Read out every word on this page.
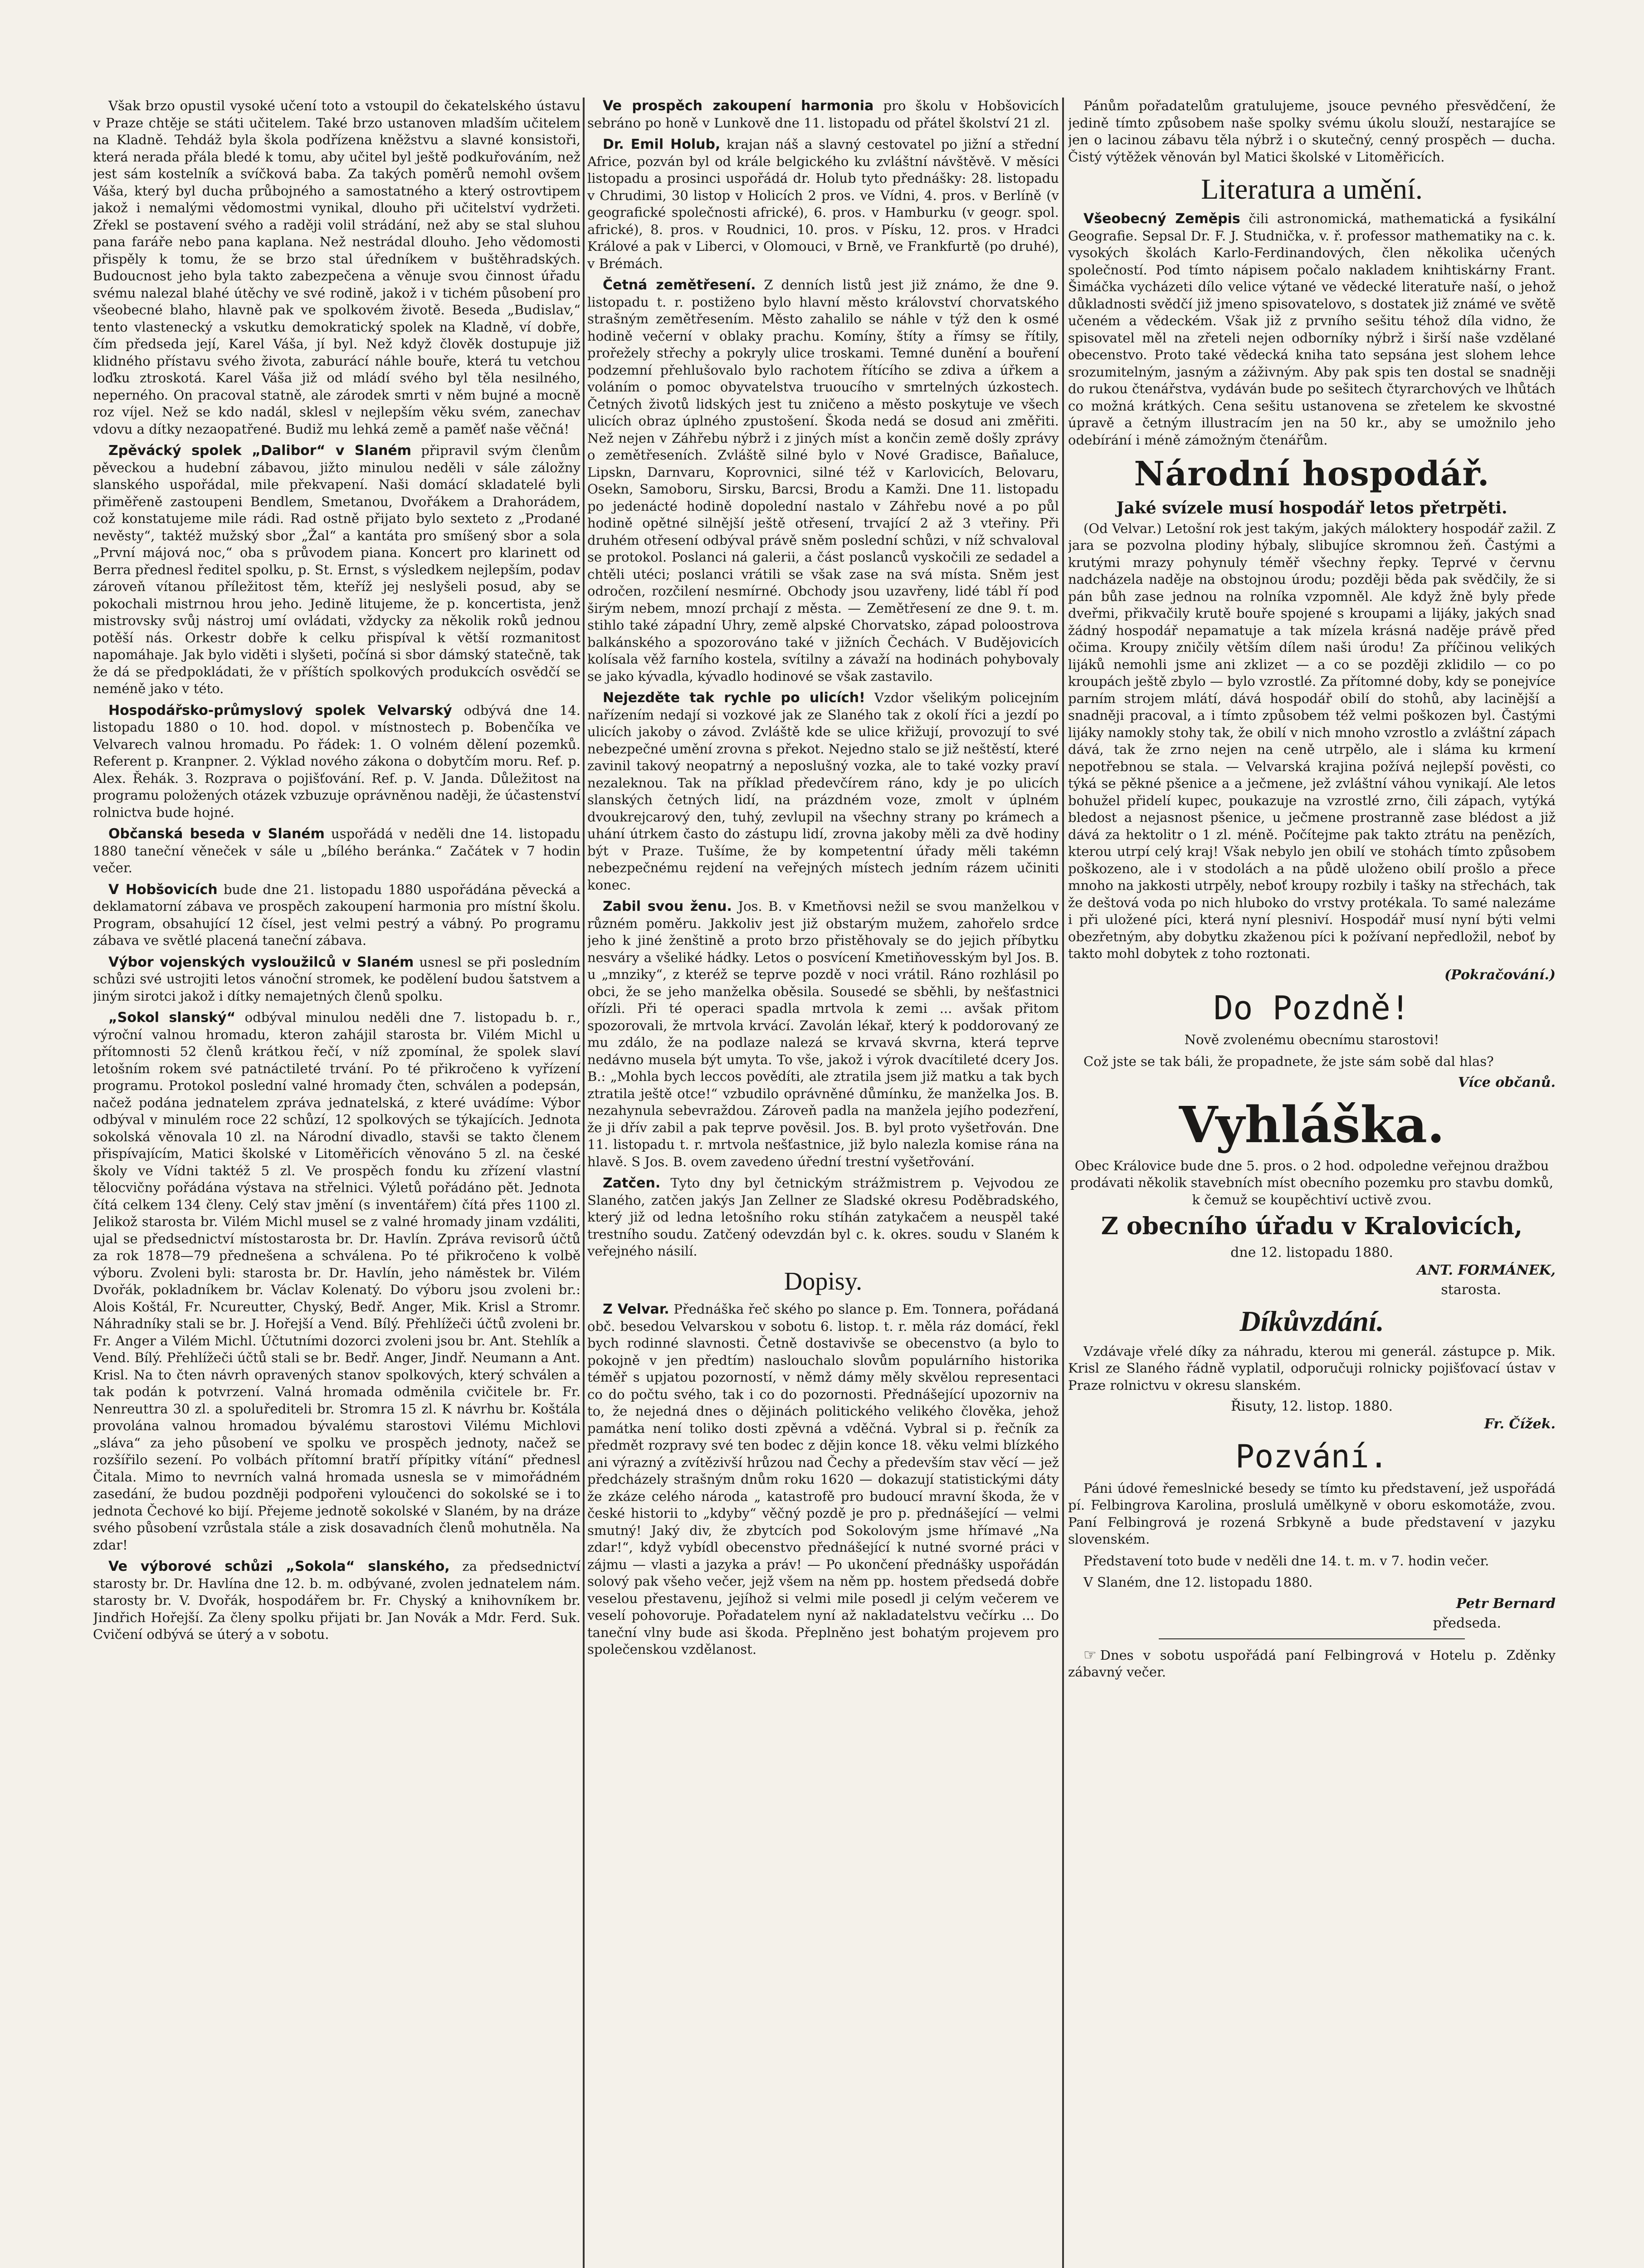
Však brzo opustil vysoké učení toto a vstoupil do čekatelského ústavu v Praze chtěje se státi učitelem. Také brzo ustanoven mladším učitelem na Kladně. Tehdáž byla škola podřízena kněžstvu a slavné konsistoři, která nerada přála bledé k tomu, aby učitel byl ještě podkuřováním, než jest sám kostelník a svíčková baba. Za takých poměrů nemohl ovšem Váša, který byl ducha průbojného a samostatného a který ostrovtipem jakož i nemalými vědomostmi vynikal, dlouho při učitelství vydržeti. Zřekl se postavení svého a raději volil strádání, než aby se stal sluhou pana faráře nebo pana kaplana. Než nestrádal dlouho. Jeho vědomosti přispěly k tomu, že se brzo stal úředníkem v buštěhradských. Budoucnost jeho byla takto zabezpečena a věnuje svou činnost úřadu svému nalezal blahé útěchy ve své rodině, jakož i v tichém působení pro všeobecné blaho, hlavně pak ve spolkovém životě. Beseda „Budislav,“ tento vlastenecký a vskutku demokratický spolek na Kladně, ví dobře, čím předseda její, Karel Váša, jí byl. Než když člověk dostupuje již klidného přístavu svého života, zaburácí náhle bouře, která tu vetchou loďku ztroskotá. Karel Váša již od mládí svého byl těla nesilného, neperného. On pracoval statně, ale zárodek smrti v něm bujné a mocně roz víjel. Než se kdo nadál, sklesl v nejlepším věku svém, zanechav vdovu a dítky nezaopatřené. Budiž mu lehká země a paměť naše věčná!

Zpěvácký spolek „Dalibor“ v Slaném připravil svým členům pěveckou a hudební zábavou, jižto minulou neděli v sále záložny slanského uspořádal, mile překvapení. Naši domácí skladatelé byli přiměřeně zastoupeni Bendlem, Smetanou, Dvořákem a Drahorádem, což konstatujeme mile rádi. Rad ostně přijato bylo sexteto z „Prodané nevěsty“, taktéž mužský sbor „Žal“ a kantáta pro smíšený sbor a sola „První májová noc,“ oba s průvodem piana. Koncert pro klarinett od Berra přednesl ředitel spolku, p. St. Ernst, s výsledkem nejlepším, podav zároveň vítanou příležitost těm, kteříž jej neslyšeli posud, aby se pokochali mistrnou hrou jeho. Jedině litujeme, že p. koncertista, jenž mistrovsky svůj nástroj umí ovládati, vždycky za několik roků jednou potěší nás. Orkestr dobře k celku přispíval k větší rozmanitost napomáhaje. Jak bylo viděti i slyšeti, počíná si sbor dámský statečně, tak že dá se předpokládati, že v příštích spolkových produkcích osvědčí se neméně jako v této.

Hospodářsko-průmyslový spolek Velvarský odbývá dne 14. listopadu 1880 o 10. hod. dopol. v místnostech p. Bobenčíka ve Velvarech valnou hromadu. Po řádek: 1. O volném dělení pozemků. Referent p. Kranpner. 2. Výklad nového zákona o dobytčím moru. Ref. p. Alex. Řehák. 3. Rozprava o pojišťování. Ref. p. V. Janda. Důležitost na programu položených otázek vzbuzuje oprávněnou naději, že účastenství rolnictva bude hojné.

Občanská beseda v Slaném uspořádá v neděli dne 14. listopadu 1880 taneční věneček v sále u „bílého beránka.“ Začátek v 7 hodin večer.

V Hobšovicích bude dne 21. listopadu 1880 uspořádána pěvecká a deklamatorní zábava ve prospěch zakoupení harmonia pro místní školu. Program, obsahující 12 čísel, jest velmi pestrý a vábný. Po programu zábava ve světlé placená taneční zábava.

Výbor vojenských vysloužilců v Slaném usnesl se při posledním schůzi své ustrojiti letos vánoční stromek, ke podělení budou šatstvem a jiným sirotci jakož i dítky nemajetných členů spolku.

„Sokol slanský“ odbýval minulou neděli dne 7. listopadu b. r., výroční valnou hromadu, kteron zahájil starosta br. Vilém Michl u přítomnosti 52 členů krátkou řečí, v níž zpomínal, že spolek slaví letošním rokem své patnáctileté trvání. Po té přikročeno k vyřízení programu. Protokol poslední valné hromady čten, schválen a podepsán, načež podána jednatelem zpráva jednatelská, z které uvádíme: Výbor odbýval v minulém roce 22 schůzí, 12 spolkových se týkajících. Jednota sokolská věnovala 10 zl. na Národní divadlo, stavši se takto členem přispívajícím, Matici školské v Litoměřicích věnováno 5 zl. na české školy ve Vídni taktéž 5 zl. Ve prospěch fondu ku zřízení vlastní tělocvičny pořádána výstava na střelnici. Výletů pořádáno pět. Jednota čítá celkem 134 členy. Celý stav jmění (s inventářem) čítá přes 1100 zl. Jelikož starosta br. Vilém Michl musel se z valné hromady jinam vzdáliti, ujal se předsednictví místostarosta br. Dr. Havlín. Zpráva revisorů účtů za rok 1878—79 přednešena a schválena. Po té přikročeno k volbě výboru. Zvoleni byli: starosta br. Dr. Havlín, jeho náměstek br. Vilém Dvořák, pokladníkem br. Václav Kolenatý. Do výboru jsou zvoleni br.: Alois Koštál, Fr. Ncureutter, Chyský, Bedř. Anger, Mik. Krisl a Stromr. Náhradníky stali se br. J. Hořejší a Vend. Bílý. Přehlížeči účtů zvoleni br. Fr. Anger a Vilém Michl. Účtutními dozorci zvoleni jsou br. Ant. Stehlík a Vend. Bílý. Přehlížeči účtů stali se br. Bedř. Anger, Jindř. Neumann a Ant. Krisl. Na to čten návrh opravených stanov spolkových, který schválen a tak podán k potvrzení. Valná hromada odměnila cvičitele br. Fr. Nenreuttra 30 zl. a spoluřediteli br. Stromra 15 zl. K návrhu br. Koštála provolána valnou hromadou bývalému starostovi Vilému Michlovi „sláva“ za jeho působení ve spolku ve prospěch jednoty, načež se rozšířilo sezení. Po volbách přítomní bratří přípitky vítání“ přednesl Čitala. Mimo to nevrních valná hromada usnesla se v mimořádném zasedání, že budou pozdněji podpořeni vyloučenci do sokolské se i to jednota Čechové ko bijí. Přejeme jednotě sokolské v Slaném, by na dráze svého působení vzrůstala stále a zisk dosavadních členů mohutněla. Na zdar!

Ve výborové schůzi „Sokola“ slanského, za předsednictví starosty br. Dr. Havlína dne 12. b. m. odbývané, zvolen jednatelem nám. starosty br. V. Dvořák, hospodářem br. Fr. Chyský a knihovníkem br. Jindřich Hořejší. Za členy spolku přijati br. Jan Novák a Mdr. Ferd. Suk. Cvičení odbývá se úterý a v sobotu.

Ve prospěch zakoupení harmonia pro školu v Hobšovicích sebráno po honě v Lunkově dne 11. listopadu od přátel školství 21 zl.

Dr. Emil Holub, krajan náš a slavný cestovatel po jižní a střední Africe, pozván byl od krále belgického ku zvláštní návštěvě. V měsíci listopadu a prosinci uspořádá dr. Holub tyto přednášky: 28. listopadu v Chrudimi, 30 listop v Holicích 2 pros. ve Vídni, 4. pros. v Berlíně (v geografické společnosti africké), 6. pros. v Hamburku (v geogr. spol. africké), 8. pros. v Roudnici, 10. pros. v Písku, 12. pros. v Hradci Králové a pak v Liberci, v Olomouci, v Brně, ve Frankfurtě (po druhé), v Brémách.

Četná zemětřesení. Z denních listů jest již známo, že dne 9. listopadu t. r. postiženo bylo hlavní město království chorvatského strašným zemětřesením. Město zahalilo se náhle v týž den k osmé hodině večerní v oblaky prachu. Komíny, štíty a římsy se řítily, prořežely střechy a pokryly ulice troskami. Temné dunění a bouření podzemní přehlušovalo bylo rachotem řítícího se zdiva a úřkem a voláním o pomoc obyvatelstva truoucího v smrtelných úzkostech. Četných životů lidských jest tu zničeno a město poskytuje ve všech ulicích obraz úplného zpustošení. Škoda nedá se dosud ani změřiti. Než nejen v Záhřebu nýbrž i z jiných míst a končin země došly zprávy o zemětřeseních. Zvláště silné bylo v Nové Gradisce, Bañaluce, Lipskn, Darnvaru, Koprovnici, silné též v Karlovicích, Belovaru, Osekn, Samoboru, Sirsku, Barcsi, Brodu a Kamži. Dne 11. listopadu po jedenácté hodině dopolední nastalo v Záhřebu nové a po půl hodině opětné silnější ještě otřesení, trvající 2 až 3 vteřiny. Při druhém otřesení odbýval právě sněm poslední schůzi, v níž schvaloval se protokol. Poslanci ná galerii, a část poslanců vyskočili ze sedadel a chtěli utéci; poslanci vrátili se však zase na svá místa. Sněm jest odročen, rozčilení nesmírné. Obchody jsou uzavřeny, lidé tábl ří pod širým nebem, mnozí prchají z města. — Zemětřesení ze dne 9. t. m. stihlo také západní Uhry, země alpské Chorvatsko, západ poloostrova balkánského a spozorováno také v jižních Čechách. V Budějovicích kolísala věž farního kostela, svítilny a závaží na hodinách pohybovaly se jako kývadla, kývadlo hodinové se však zastavilo.

Nejezděte tak rychle po ulicích! Vzdor všelikým policejním nařízením nedají si vozkové jak ze Slaného tak z okolí říci a jezdí po ulicích jakoby o závod. Zvláště kde se ulice křižují, provozují to své nebezpečné umění zrovna s překot. Nejedno stalo se již neštěstí, které zavinil takový neopatrný a neposlušný vozka, ale to také vozky praví nezaleknou. Tak na příklad předevčírem ráno, kdy je po ulicích slanských četných lidí, na prázdném voze, zmolt v úplném dvoukrejcarový den, tuhý, zevlupil na všechny strany po krámech a uhání útrkem často do zástupu lidí, zrovna jakoby měli za dvě hodiny být v Praze. Tušíme, že by kompetentní úřady měli takémn nebezpečnému rejdení na veřejných místech jedním rázem učiniti konec.

Zabil svou ženu. Jos. B. v Kmetňovsi nežil se svou manželkou v různém poměru. Jakkoliv jest již obstarým mužem, zahořelo srdce jeho k jiné ženštině a proto brzo přistěhovaly se do jejich příbytku nesváry a všeliké hádky. Letos o posvícení Kmetiňovesským byl Jos. B. u „mnziky“, z kteréž se teprve pozdě v noci vrátil. Ráno rozhlásil po obci, že se jeho manželka oběsila. Sousedé se sběhli, by nešťastnici ořízli. Při té operaci spadla mrtvola k zemi ... avšak přitom spozorovali, že mrtvola krvácí. Zavolán lékař, který k poddorovaný ze mu zdálo, že na podlaze nalezá se krvavá skvrna, která teprve nedávno musela být umyta. To vše, jakož i výrok dvacítileté dcery Jos. B.: „Mohla bych leccos povědíti, ale ztratila jsem již matku a tak bych ztratila ještě otce!“ vzbudilo oprávněné důmínku, že manželka Jos. B. nezahynula sebevraždou. Zároveň padla na manžela jejího podezření, že ji dřív zabil a pak teprve pověsil. Jos. B. byl proto vyšetřován. Dne 11. listopadu t. r. mrtvola nešťastnice, již bylo nalezla komise rána na hlavě. S Jos. B. ovem zavedeno úřední trestní vyšetřování.

Zatčen. Tyto dny byl četnickým strážmistrem p. Vejvodou ze Slaného, zatčen jakýs Jan Zellner ze Sladské okresu Poděbradského, který již od ledna letošního roku stíhán zatykačem a neuspěl také trestního soudu. Zatčený odevzdán byl c. k. okres. soudu v Slaném k veřejného násilí.

Dopisy.

Z Velvar. Přednáška řeč ského po slance p. Em. Tonnera, pořádaná obč. besedou Velvarskou v sobotu 6. listop. t. r. měla ráz domácí, řekl bych rodinné slavnosti. Četně dostavivše se obecenstvo (a bylo to pokojně v jen předtím) naslouchalo slovům populárního historika téměř s upjatou pozorností, v němž dámy měly skvělou representaci co do počtu svého, tak i co do pozornosti. Přednášející upozorniv na to, že nejedná dnes o dějinách politického velikého člověka, jehož památka není toliko dosti zpěvná a vděčná. Vybral si p. řečník za předmět rozpravy své ten bodec z dějin konce 18. věku velmi blízkého ani výrazný a zvítězivší hrůzou nad Čechy a především stav věcí — jež předcházely strašným dnům roku 1620 — dokazují statistickými dáty že zkáze celého národa „ katastrofě pro budoucí mravní škoda, že v české historii to „kdyby“ věčný pozdě je pro p. přednášející — velmi smutný! Jaký div, že zbytcích pod Sokolovým jsme hřímavé „Na zdar!“, když vybídl obecenstvo přednášející k nutné svorné práci v zájmu — vlasti a jazyka a práv! — Po ukončení přednášky uspořádán solový pak všeho večer, jejž všem na něm pp. hostem předsedá dobře veselou přestavenu, jejíhož si velmi mile posedl ji celým večerem ve veselí pohovoruje. Pořadatelem nyní až nakladatelstvu večírku ... Do taneční vlny bude asi škoda. Přeplněno jest bohatým projevem pro společenskou vzdělanost.

Pánům pořadatelům gratulujeme, jsouce pevného přesvědčení, že jedině tímto způsobem naše spolky svému úkolu slouží, nestarajíce se jen o lacinou zábavu těla nýbrž i o skutečný, cenný prospěch — ducha. Čistý výtěžek věnován byl Matici školské v Litoměřicích.

Literatura a umění.

Všeobecný Zeměpis čili astronomická, mathematická a fysikální Geografie. Sepsal Dr. F. J. Studnička, v. ř. professor mathematiky na c. k. vysokých školách Karlo-Ferdinandových, člen několika učených společností. Pod tímto nápisem počalo nakladem knihtiskárny Frant. Šimáčka vycházeti dílo velice výtané ve vědecké literatuře naší, o jehož důkladnosti svědčí již jmeno spisovatelovo, s dostatek již známé ve světě učeném a vědeckém. Však již z prvního sešitu téhož díla vidno, že spisovatel měl na zřeteli nejen odborníky nýbrž i širší naše vzdělané obecenstvo. Proto také vědecká kniha tato sepsána jest slohem lehce srozumitelným, jasným a záživným. Aby pak spis ten dostal se snadněji do rukou čtenářstva, vydáván bude po sešitech čtyrarchových ve lhůtách co možná krátkých. Cena sešitu ustanovena se zřetelem ke skvostné úpravě a četným illustracím jen na 50 kr., aby se umožnilo jeho odebírání i méně zámožným čtenářům.

Národní hospodář.
Jaké svízele musí hospodář letos přetrpěti.

(Od Velvar.) Letošní rok jest takým, jakých máloktery hospodář zažil. Z jara se pozvolna plodiny hýbaly, slibujíce skromnou žeň. Častými a krutými mrazy pohynuly téměř všechny řepky. Teprvé v červnu nadcházela naděje na obstojnou úrodu; později běda pak svědčily, že si pán bůh zase jednou na rolníka vzpomněl. Ale když žně byly přede dveřmi, přikvačily krutě bouře spojené s kroupami a lijáky, jakých snad žádný hospodář nepamatuje a tak mízela krásná naděje právě před očima. Kroupy zničily větším dílem naši úrodu! Za příčinou velikých lijáků nemohli jsme ani zklizet — a co se později zklidilo — co po kroupách ještě zbylo — bylo vzrostlé. Za přítomné doby, kdy se ponejvíce parním strojem mlátí, dává hospodář obilí do stohů, aby lacinější a snadněji pracoval, a i tímto způsobem též velmi poškozen byl. Častými lijáky namokly stohy tak, že obilí v nich mnoho vzrostlo a zvláštní zápach dává, tak že zrno nejen na ceně utrpělo, ale i sláma ku krmení nepotřebnou se stala. — Velvarská krajina požívá nejlepší pověsti, co týká se pěkné pšenice a a ječmene, jež zvláštní váhou vynikají. Ale letos bohužel přidelí kupec, poukazuje na vzrostlé zrno, čili zápach, vytýká bledost a nejasnost pšenice, u ječmene prostranně zase blédost a již dává za hektolitr o 1 zl. méně. Počítejme pak takto ztrátu na penězích, kterou utrpí celý kraj! Však nebylo jen obilí ve stohách tímto způsobem poškozeno, ale i v stodolách a na půdě uloženo obilí prošlo a přece mnoho na jakkosti utrpěly, neboť kroupy rozbily i tašky na střechách, tak že deštová voda po nich hluboko do vrstvy protékala. To samé nalezáme i při uložené píci, která nyní plesniví. Hospodář musí nyní býti velmi obezřetným, aby dobytku zkaženou píci k požívaní nepředložil, neboť by takto mohl dobytek z toho roztonati.

(Pokračování.)
Do Pozdně!

Nově zvolenému obecnímu starostovi!

Což jste se tak báli, že propadnete, že jste sám sobě dal hlas?

Více občanů.
Vyhláška.

Obec Královice bude dne 5. pros. o 2 hod. odpoledne veřejnou dražbou prodávati několik stavebních míst obecního pozemku pro stavbu domků, k čemuž se koupěchtiví uctivě zvou.

Z obecního úřadu v Kralovicích,
dne 12. listopadu 1880.
ANT. FORMÁNEK,
starosta.
Díkůvzdání.

Vzdávaje vřelé díky za náhradu, kterou mi generál. zástupce p. Mik. Krisl ze Slaného řádně vyplatil, odporučuji rolnicky pojišťovací ústav v Praze rolnictvu v okresu slanském.

Řisuty, 12. listop. 1880.
Fr. Čížek.
Pozvání.

Páni údové řemeslnické besedy se tímto ku představení, jež uspořádá pí. Felbingrova Karolina, proslulá umělkyně v oboru eskomotáže, zvou. Paní Felbingrová je rozená Srbkyně a bude představení v jazyku slovenském.

Představení toto bude v neděli dne 14. t. m. v 7. hodin večer.

V Slaném, dne 12. listopadu 1880.

Petr Bernard
předseda.

☞ Dnes v sobotu uspořádá paní Felbingrová v Hotelu p. Zděnky zábavný večer.
